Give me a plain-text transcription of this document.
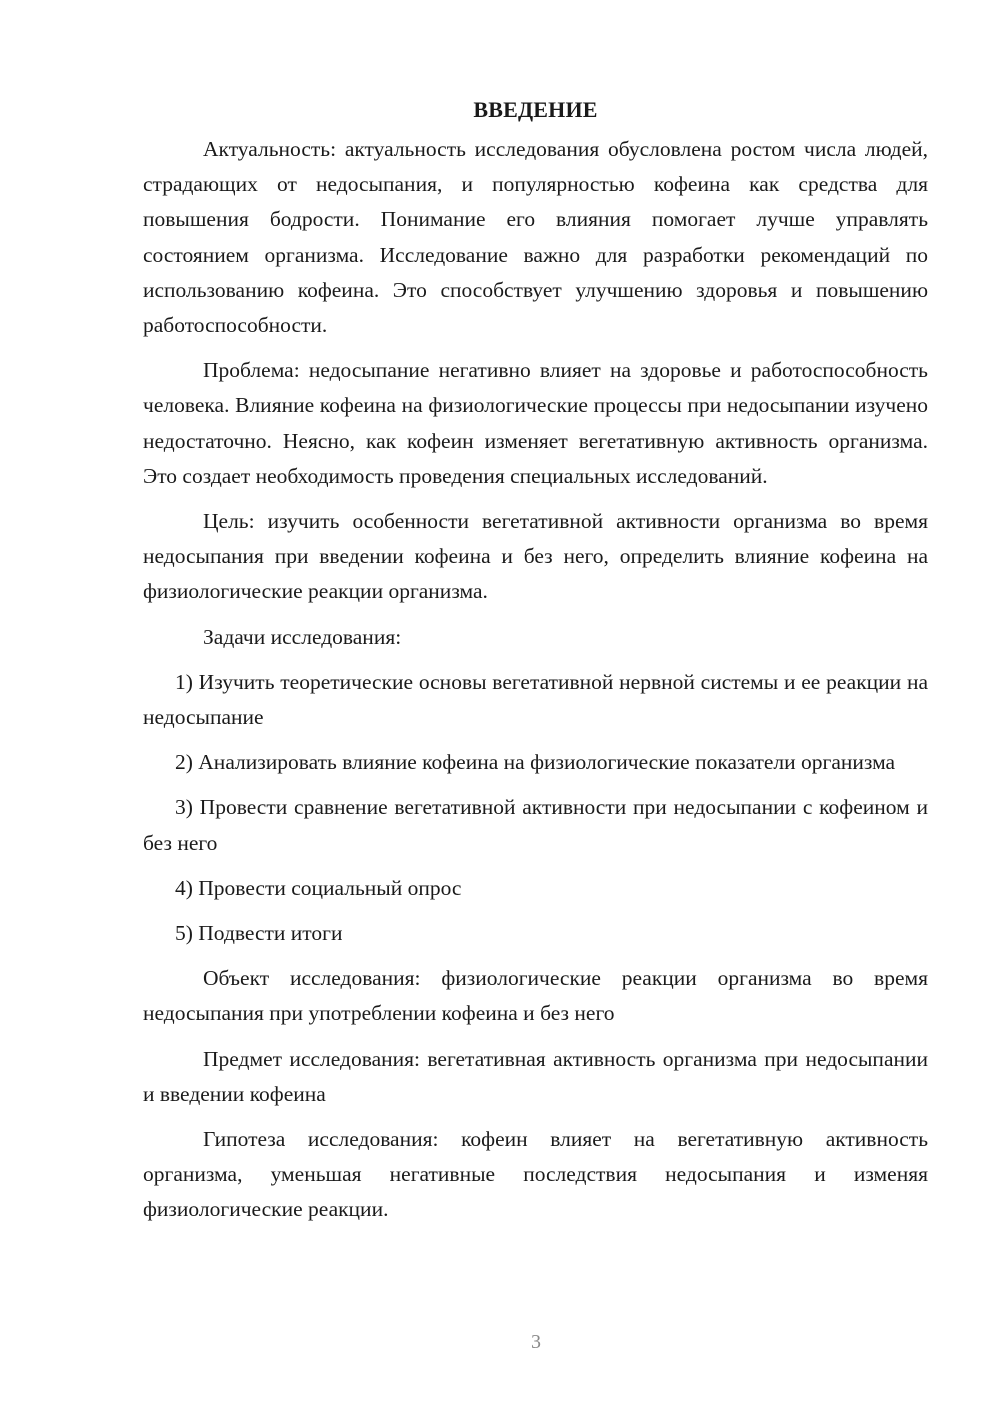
ВВЕДЕНИЕ

Актуальность: актуальность исследования обусловлена ростом числа людей, страдающих от недосыпания, и популярностью кофеина как средства для повышения бодрости. Понимание его влияния помогает лучше управлять состоянием организма. Исследование важно для разработки рекомендаций по использованию кофеина. Это способствует улучшению здоровья и повышению работоспособности.

Проблема: недосыпание негативно влияет на здоровье и работоспособность человека. Влияние кофеина на физиологические процессы при недосыпании изучено недостаточно. Неясно, как кофеин изменяет вегетативную активность организма. Это создает необходимость проведения специальных исследований.

Цель: изучить особенности вегетативной активности организма во время недосыпания при введении кофеина и без него, определить влияние кофеина на физиологические реакции организма.

Задачи исследования:

1) Изучить теоретические основы вегетативной нервной системы и ее реакции на недосыпание

2) Анализировать влияние кофеина на физиологические показатели организма

3) Провести сравнение вегетативной активности при недосыпании с кофеином и без него

4) Провести социальный опрос

5) Подвести итоги

Объект исследования: физиологические реакции организма во время недосыпания при употреблении кофеина и без него

Предмет исследования: вегетативная активность организма при недосыпании и введении кофеина

Гипотеза исследования: кофеин влияет на вегетативную активность организма, уменьшая негативные последствия недосыпания и изменяя физиологические реакции.

3
